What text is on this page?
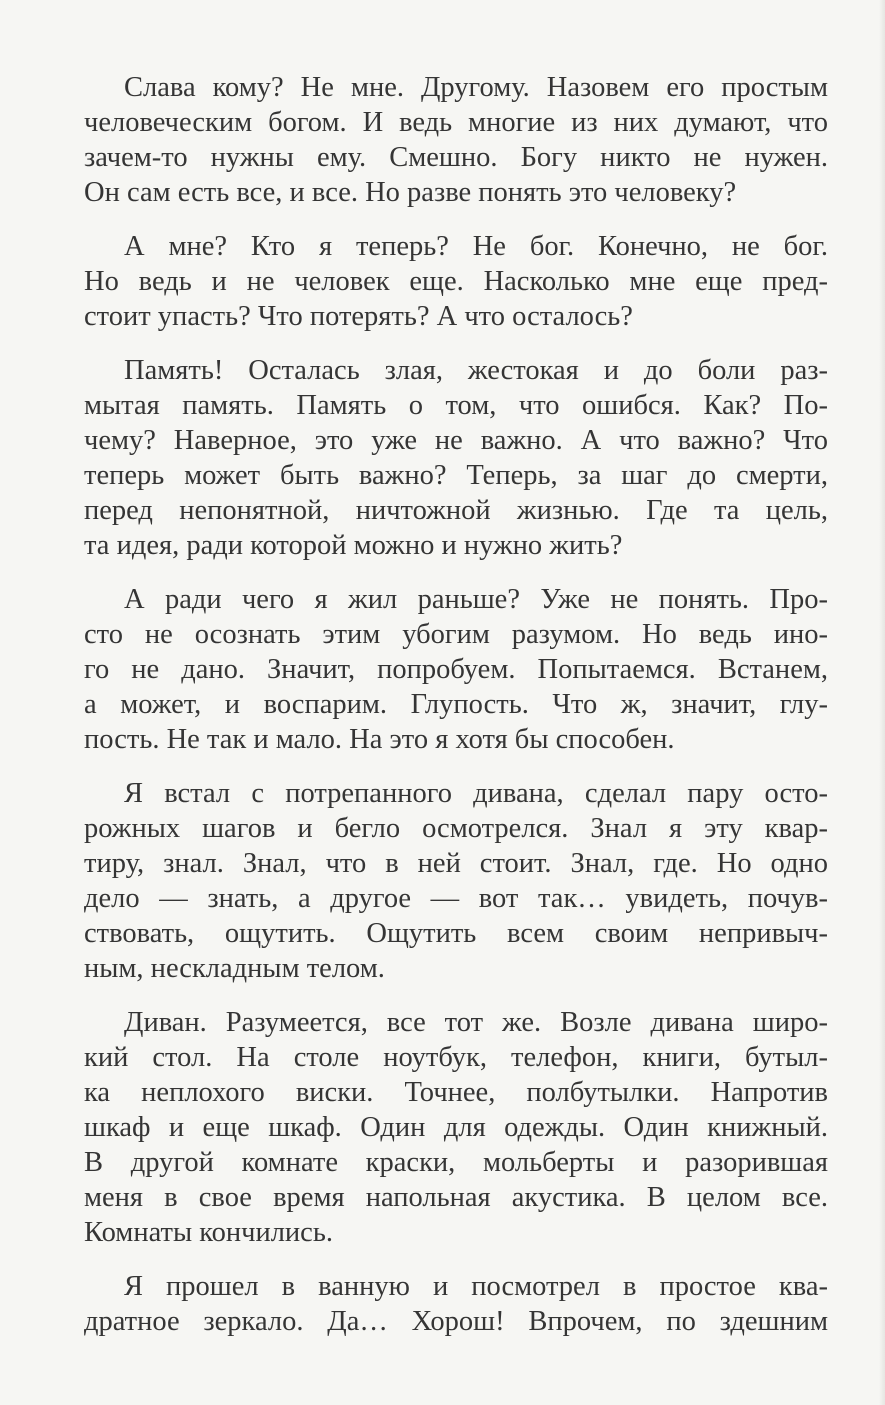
Слава кому? Не мне. Другому. Назовем его простым
человеческим богом. И ведь многие из них думают, что
зачем-то нужны ему. Смешно. Богу никто не нужен.
Он сам есть все, и все. Но разве понять это человеку?
А мне? Кто я теперь? Не бог. Конечно, не бог.
Но ведь и не человек еще. Насколько мне еще пред-
стоит упасть? Что потерять? А что осталось?
Память! Осталась злая, жестокая и до боли раз-
мытая память. Память о том, что ошибся. Как? По-
чему? Наверное, это уже не важно. А что важно? Что
теперь может быть важно? Теперь, за шаг до смерти,
перед непонятной, ничтожной жизнью. Где та цель,
та идея, ради которой можно и нужно жить?
А ради чего я жил раньше? Уже не понять. Про-
сто не осознать этим убогим разумом. Но ведь ино-
го не дано. Значит, попробуем. Попытаемся. Встанем,
а может, и воспарим. Глупость. Что ж, значит, глу-
пость. Не так и мало. На это я хотя бы способен.
Я встал с потрепанного дивана, сделал пару осто-
рожных шагов и бегло осмотрелся. Знал я эту квар-
тиру, знал. Знал, что в ней стоит. Знал, где. Но одно
дело — знать, а другое — вот так… увидеть, почув-
ствовать, ощутить. Ощутить всем своим непривыч-
ным, нескладным телом.
Диван. Разумеется, все тот же. Возле дивана широ-
кий стол. На столе ноутбук, телефон, книги, бутыл-
ка неплохого виски. Точнее, полбутылки. Напротив
шкаф и еще шкаф. Один для одежды. Один книжный.
В другой комнате краски, мольберты и разорившая
меня в свое время напольная акустика. В целом все.
Комнаты кончились.
Я прошел в ванную и посмотрел в простое ква-
дратное зеркало. Да… Хорош! Впрочем, по здешним
